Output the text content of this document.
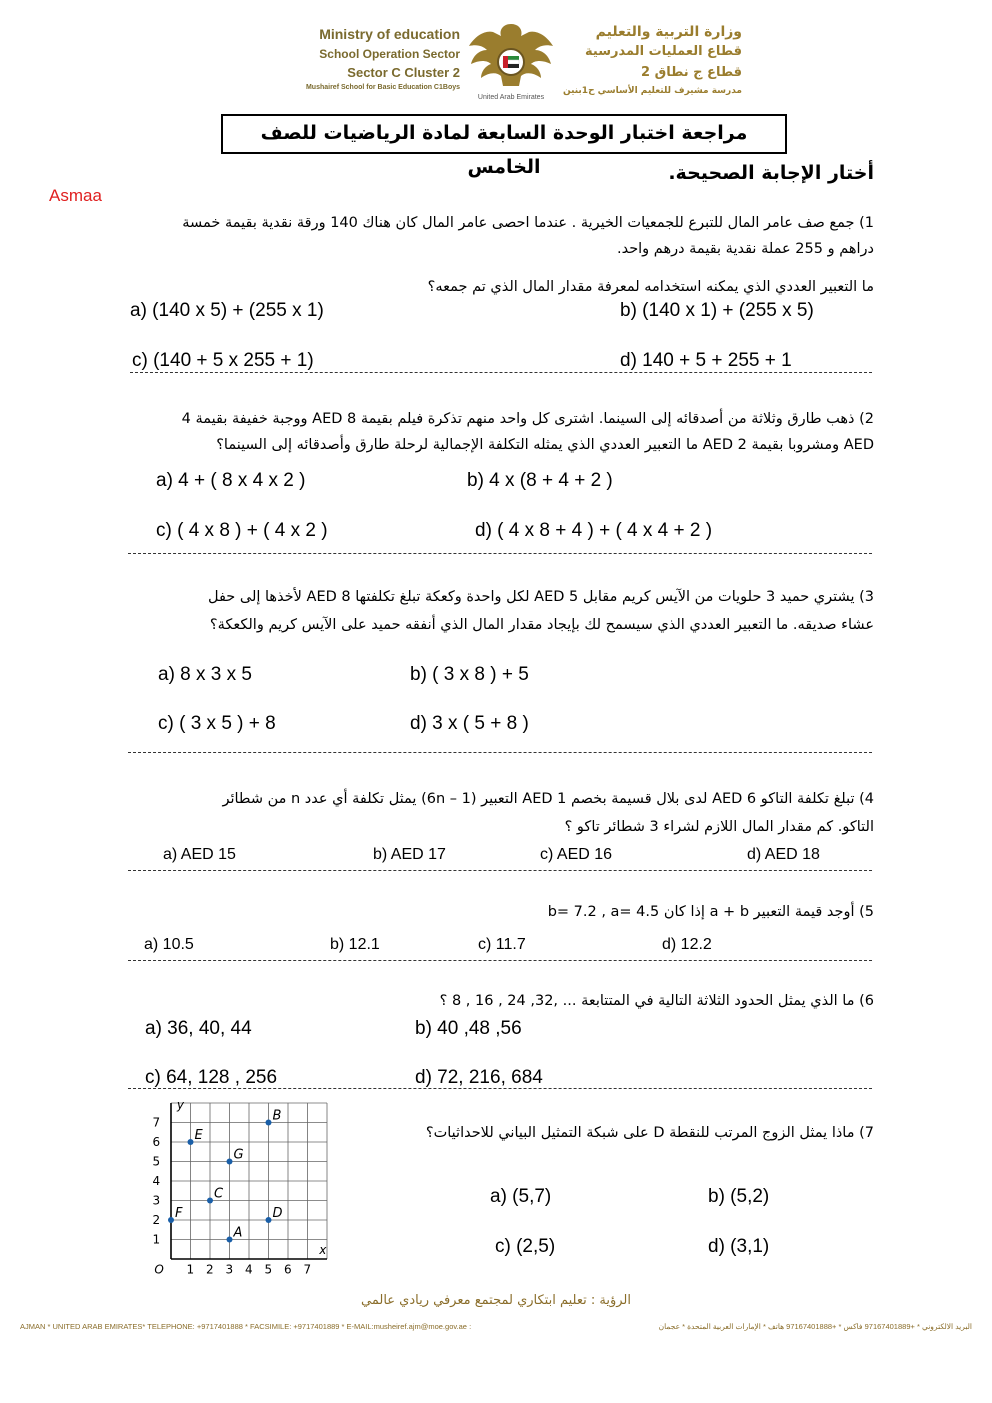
Ministry of education
School Operation Sector
Sector C Cluster 2
Mushairef School for Basic Education C1Boys
United Arab Emirates
وزارة التربية والتعليم
قطاع العمليات المدرسية
قطاع ج نطاق 2
مدرسة مشيرف للتعليم الأساسي ح1بنين
مراجعة اختبار الوحدة السابعة لمادة الرياضيات للصف الخامس	أختار الإجابة الصحيحة.
Asmaa
1) جمع صف عامر المال للتبرع للجمعيات الخيرية . عندما احصى عامر المال كان هناك 140 ورقة نقدية بقيمة خمسة
دراهم و 255 عملة نقدية بقيمة درهم واحد.
ما التعبير العددي الذي يمكنه استخدامه لمعرفة مقدار المال الذي تم جمعه؟
a) (140 x 5) + (255 x 1)	b) (140 x 1) + (255 x 5)
c) (140 + 5 x 255 + 1)	d) 140 + 5 + 255 + 1
2) ذهب طارق وثلاثة من أصدقائه إلى السينما. اشترى كل واحد منهم تذكرة فيلم بقيمة AED 8 ووجبة خفيفة بقيمة 4
AED ومشروبا بقيمة AED 2 ما التعبير العددي الذي يمثله التكلفة الإجمالية لرحلة طارق وأصدقائه إلى السينما؟
a) 4 + ( 8 x 4 x 2 )	b) 4 x (8 + 4 + 2 )
c) ( 4 x 8 ) + ( 4 x 2 )	d) ( 4 x 8 + 4 ) + ( 4 x 4 + 2 )
3) يشتري حميد 3 حلويات من الآيس كريم مقابل AED 5 لكل واحدة وكعكة تبلغ تكلفتها AED 8 لأخذها إلى حفل
عشاء صديقه. ما التعبير العددي الذي سيسمح لك بإيجاد مقدار المال الذي أنفقه حميد على الآيس كريم والكعكة؟
a) 8 x 3 x 5	b) ( 3 x 8 ) + 5
c) ( 3 x 5 ) + 8	d) 3 x ( 5 + 8 )
4) تبلغ تكلفة التاكو AED 6 لدى بلال قسيمة بخصم AED 1 التعبير (6n – 1) يمثل تكلفة أي عدد n من شطائر
التاكو. كم مقدار المال اللازم لشراء 3 شطائر تاكو ؟
a) AED 15	b) AED 17	c) AED 16	d) AED 18
5) أوجد قيمة التعبير a + b إذا كان b= 7.2 , a= 4.5
a) 10.5	b) 12.1	c) 11.7	d) 12.2
6) ما الذي يمثل الحدود الثلاثة التالية في المتتابعة ... ,32, 24 , 16 , 8 ؟
a) 36, 40, 44	b) 40 ,48 ,56
c) 64, 128 , 256	d) 72, 216, 684
7) ماذا يمثل الزوج المرتب للنقطة D على شبكة التمثيل البياني للاحداثيات؟
a) (5,7)	b) (5,2)
c) (2,5)	d) (3,1)
x
y
O 1 2 3 4 5 6 7
1
2
3
4
5
6
7	B
E
G
C
F	D
A
الرؤية : تعليم ابتكاري لمجتمع معرفي ريادي عالمي
AJMAN * UNITED ARAB EMIRATES* TELEPHONE: +9717401888 * FACSIMILE: +9717401889 * E-MAIL:musheiref.ajm@moe.gov.ae :	البريد الالكتروني * +97167401889 فاكس * +97167401888 هاتف * الإمارات العربية المتحدة * عجمان
